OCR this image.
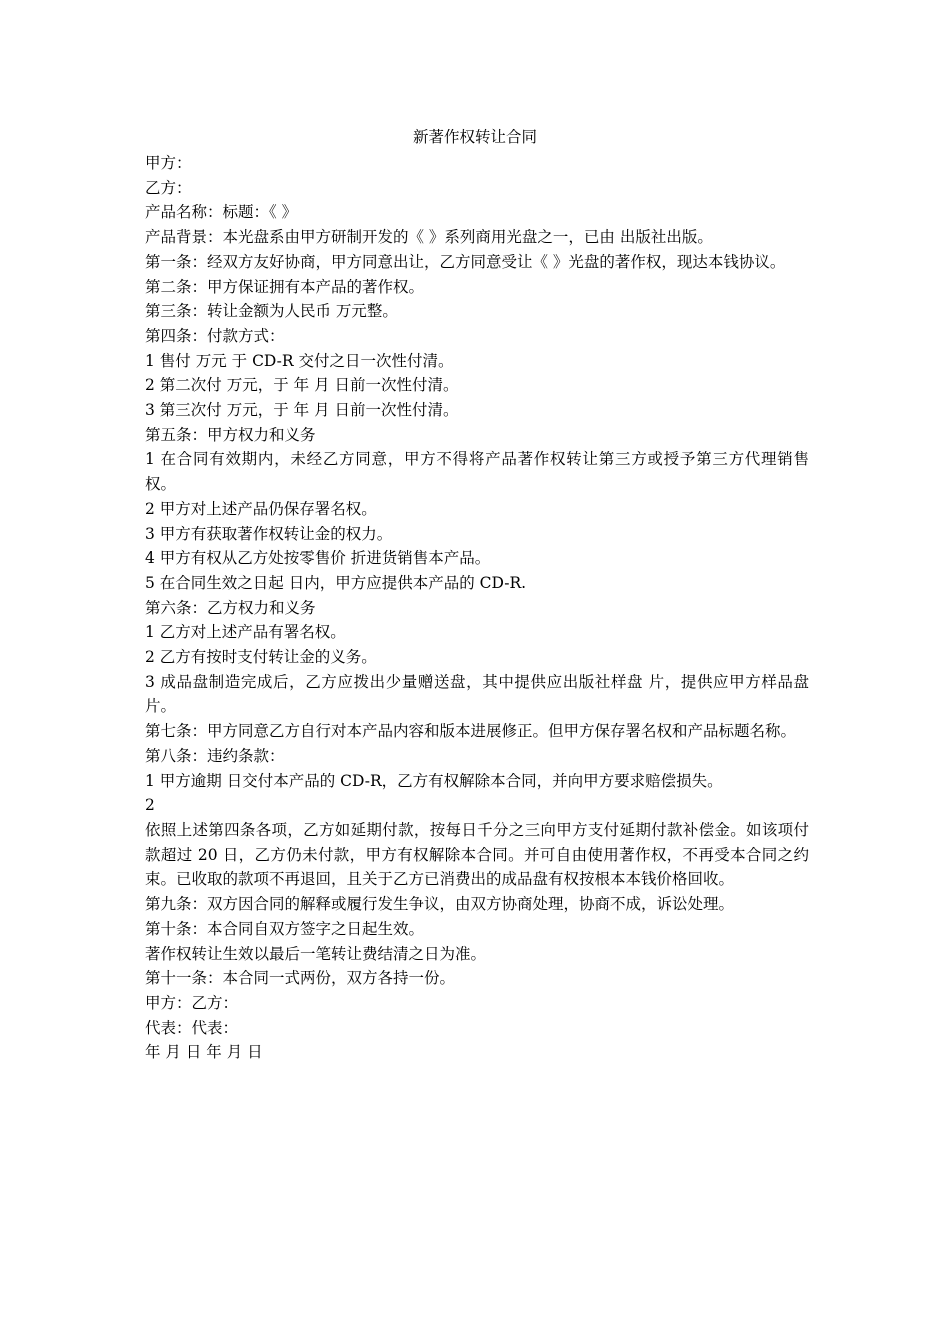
新著作权转让合同

甲方：

乙方：

产品名称：标题：《 》

产品背景：本光盘系由甲方研制开发的《 》系列商用光盘之一，已由 出版社出版。

第一条：经双方友好协商，甲方同意出让，乙方同意受让《 》光盘的著作权，现达本钱协议。

第二条：甲方保证拥有本产品的著作权。

第三条：转让金额为人民币 万元整。

第四条：付款方式：

1 售付 万元 于 CD-R 交付之日一次性付清。

2 第二次付 万元，于 年 月 日前一次性付清。

3 第三次付 万元，于 年 月 日前一次性付清。

第五条：甲方权力和义务

1 在合同有效期内，未经乙方同意，甲方不得将产品著作权转让第三方或授予第三方代理销售权。

2 甲方对上述产品仍保存署名权。

3 甲方有获取著作权转让金的权力。

4 甲方有权从乙方处按零售价 折进货销售本产品。

5 在合同生效之日起 日内，甲方应提供本产品的 CD-R.

第六条：乙方权力和义务

1 乙方对上述产品有署名权。

2 乙方有按时支付转让金的义务。

3 成品盘制造完成后，乙方应拨出少量赠送盘，其中提供应出版社样盘 片，提供应甲方样品盘 片。

第七条：甲方同意乙方自行对本产品内容和版本进展修正。但甲方保存署名权和产品标题名称。

第八条：违约条款：

1 甲方逾期 日交付本产品的 CD-R，乙方有权解除本合同，并向甲方要求赔偿损失。

2

依照上述第四条各项，乙方如延期付款，按每日千分之三向甲方支付延期付款补偿金。如该项付款超过 20 日，乙方仍未付款，甲方有权解除本合同。并可自由使用著作权，不再受本合同之约束。已收取的款项不再退回，且关于乙方已消费出的成品盘有权按根本本钱价格回收。

第九条：双方因合同的解释或履行发生争议，由双方协商处理，协商不成，诉讼处理。

第十条：本合同自双方签字之日起生效。

著作权转让生效以最后一笔转让费结清之日为准。

第十一条：本合同一式两份，双方各持一份。

甲方：乙方：

代表：代表：

年 月 日 年 月 日
